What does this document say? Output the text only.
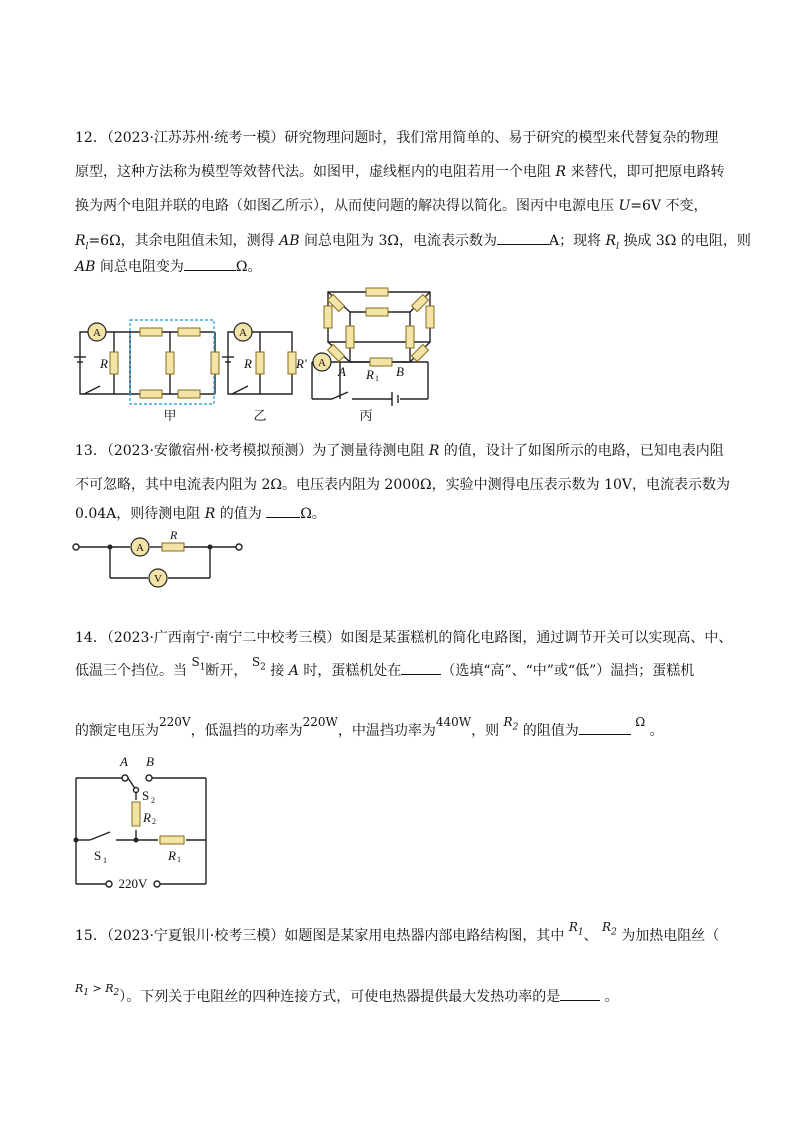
12．（2023·江苏苏州·统考一模）研究物理问题时，我们常用简单的、易于研究的模型来代替复杂的物理
原型，这种方法称为模型等效替代法。如图甲，虚线框内的电阻若用一个电阻 R 来替代，即可把原电路转
换为两个电阻并联的电路（如图乙所示），从而使问题的解决得以简化。图丙中电源电压 U=6V 不变，
$R_l=6\Omega$，其余电阻值未知，测得 AB 间总电阻为 3Ω，电流表示数为	A；现将 $R_l$ 换成 3Ω 的电阻，则
AB 间总电阻变为	Ω。
A	A
A
R	R	R′
A	B
R 1
甲	乙	丙
13．（2023·安徽宿州·校考模拟预测）为了测量待测电阻 R 的值，设计了如图所示的电路，已知电表内阻
不可忽略，其中电流表内阻为 2Ω。电压表内阻为 2000Ω，实验中测得电压表示数为 10V，电流表示数为
0.04A，则待测电阻 R 的值为	Ω。
A
V
R
14．（2023·广西南宁·南宁二中校考三模）如图是某蛋糕机的简化电路图，通过调节开关可以实现高、中、
低温三个挡位。当 $S_1$断开， $S_2$ 接 A 时，蛋糕机处在	（选填“高”、“中”或“低”）温挡；蛋糕机
的额定电压为220V，低温挡的功率为220W，中温挡功率为440W，则 $R_2$ 的阻值为 Ω 。
A B
R
R
2
1
S 2
S 1
220V
15．（2023·宁夏银川·校考三模）如题图是某家用电热器内部电路结构图，其中 $R_1$、 $R_2$ 为加热电阻丝（
$^{R_1 > R_2}$）。下列关于电阻丝的四种连接方式，可使电热器提供最大发热功率的是	。
